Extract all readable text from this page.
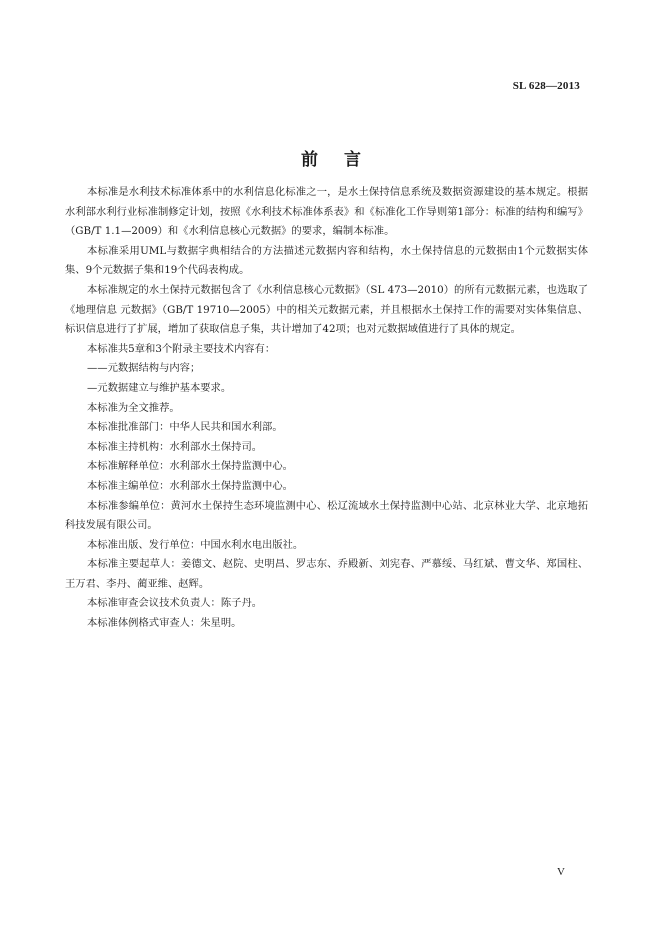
SL 628—2013
前言

本标准是水利技术标准体系中的水利信息化标准之一，是水土保持信息系统及数据资源建设的基本规定。根据水利部水利行业标准制修定计划，按照《水利技术标准体系表》和《标准化工作导则第1部分：标准的结构和编写》（GB/T 1.1—2009）和《水利信息核心元数据》的要求，编制本标准。

本标准采用UML与数据字典相结合的方法描述元数据内容和结构，水土保持信息的元数据由1个元数据实体集、9个元数据子集和19个代码表构成。

本标准规定的水土保持元数据包含了《水利信息核心元数据》（SL 473—2010）的所有元数据元素，也选取了《地理信息 元数据》（GB/T 19710—2005）中的相关元数据元素，并且根据水土保持工作的需要对实体集信息、标识信息进行了扩展，增加了获取信息子集，共计增加了42项；也对元数据域值进行了具体的规定。

本标准共5章和3个附录主要技术内容有：

——元数据结构与内容；

—元数据建立与维护基本要求。

本标准为全文推荐。

本标准批准部门：中华人民共和国水利部。

本标准主持机构：水利部水土保持司。

本标准解释单位：水利部水土保持监测中心。

本标准主编单位：水利部水土保持监测中心。

本标准参编单位：黄河水土保持生态环境监测中心、松辽流域水土保持监测中心站、北京林业大学、北京地拓科技发展有限公司。

本标准出版、发行单位：中国水利水电出版社。

本标准主要起草人：姜德文、赵院、史明昌、罗志东、乔殿新、刘宪春、严慕绥、马红斌、曹文华、郑国柱、王万君、李丹、蔺亚维、赵辉。

本标准审查会议技术负责人：陈子丹。

本标准体例格式审查人：朱星明。

V
